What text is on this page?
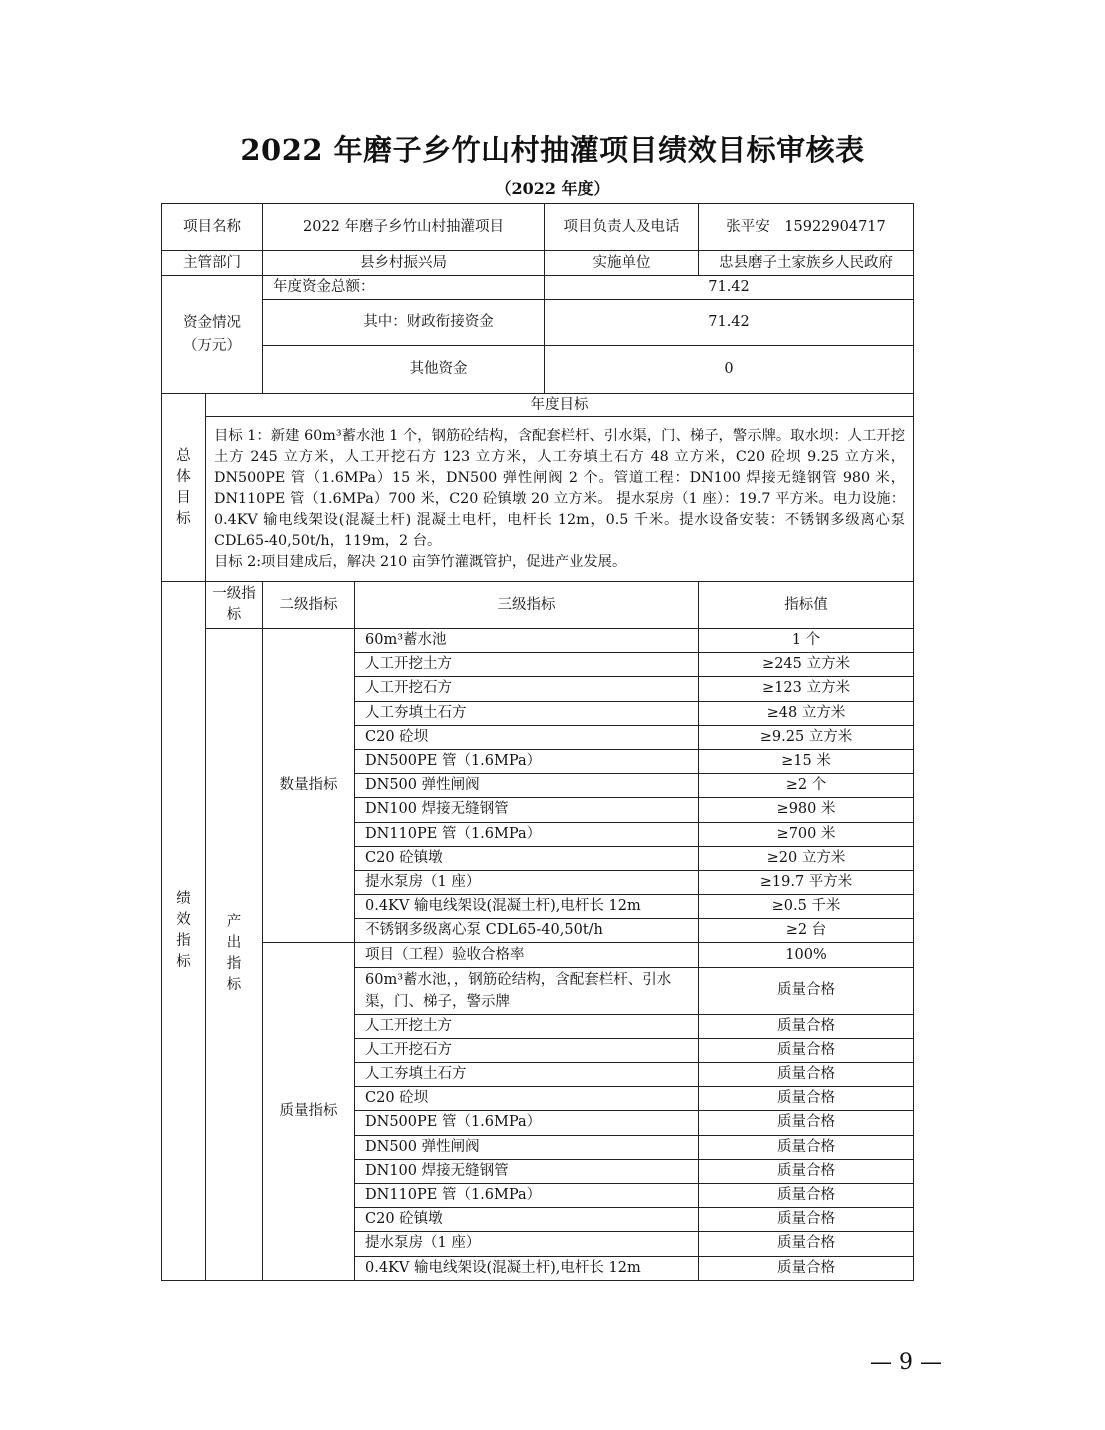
2022 年磨子乡竹山村抽灌项目绩效目标审核表
（2022 年度）
项目名称		2022 年磨子乡竹山村抽灌项目		项目负责人及电话	张平安　15922904717
主管部门		县乡村振兴局		实施单位	忠县磨子土家族乡人民政府
资金情况（万元）		年度资金总额：		71.42	
		其中：财政衔接资金		71.42	
		其他资金		0	

总
体
目
标	年度目标				

	目标 1：新建 60m³蓄水池 1 个，钢筋砼结构，含配套栏杆、引水渠，门、梯子，警示牌。取水坝：人工开挖土方 245 立方米，人工开挖石方 123 立方米，人工夯填土石方 48 立方米，C20 砼坝 9.25 立方米，DN500PE 管（1.6MPa）15 米，DN500 弹性闸阀 2 个。管道工程：DN100 焊接无缝钢管 980 米，DN110PE 管（1.6MPa）700 米，C20 砼镇墩 20 立方米。 提水泵房（1 座）：19.7 平方米。电力设施：0.4KV 输电线架设(混凝土杆) 混凝土电杆，电杆长 12m，0.5 千米。提水设备安装：不锈钢多级离心泵 CDL65-40,50t/h，119m，2 台。
目标 2:项目建成后，解决 210 亩笋竹灌溉管护，促进产业发展。				

绩
效
指
标	一级指标	二级指标	三级指标		指标值
	产出指标	数量指标	60m³蓄水池		1 个
			人工开挖土方		≥245 立方米
			人工开挖石方		≥123 立方米
			人工夯填土石方		≥48 立方米
			C20 砼坝		≥9.25 立方米
			DN500PE 管（1.6MPa）		≥15 米
			DN500 弹性闸阀		≥2 个
			DN100 焊接无缝钢管		≥980 米
			DN110PE 管（1.6MPa）		≥700 米
			C20 砼镇墩		≥20 立方米
			提水泵房（1 座）		≥19.7 平方米
			0.4KV 输电线架设(混凝土杆),电杆长 12m		≥0.5 千米
			不锈钢多级离心泵 CDL65-40,50t/h		≥2 台
		质量指标	项目（工程）验收合格率		100%
			60m³蓄水池，，钢筋砼结构，含配套栏杆、引水渠，门、梯子，警示牌		质量合格
			人工开挖土方		质量合格
			人工开挖石方		质量合格
			人工夯填土石方		质量合格
			C20 砼坝		质量合格
			DN500PE 管（1.6MPa）		质量合格
			DN500 弹性闸阀		质量合格
			DN100 焊接无缝钢管		质量合格
			DN110PE 管（1.6MPa）		质量合格
			C20 砼镇墩		质量合格
			提水泵房（1 座）		质量合格
			0.4KV 输电线架设(混凝土杆),电杆长 12m		质量合格
— 9 —
